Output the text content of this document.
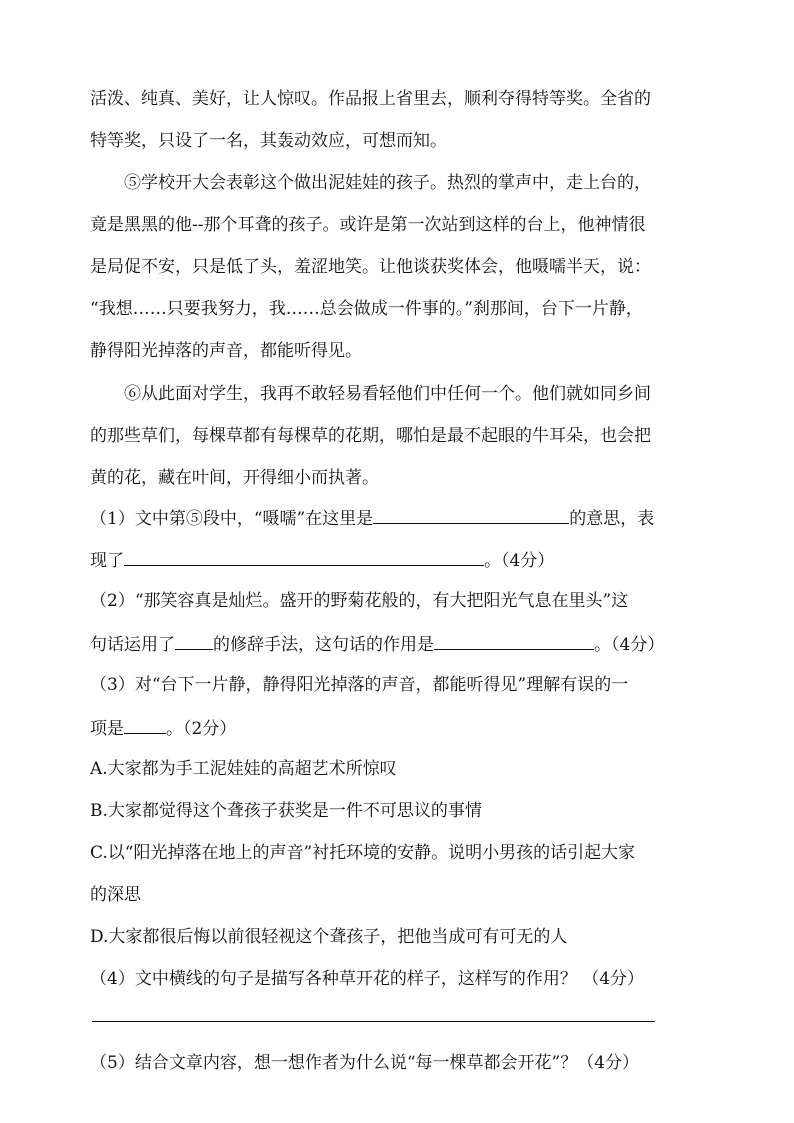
活泼、纯真、美好，让人惊叹。作品报上省里去，顺利夺得特等奖。全省的
特等奖，只设了一名，其轰动效应，可想而知。
⑤学校开大会表彰这个做出泥娃娃的孩子。热烈的掌声中，走上台的，
竟是黑黑的他--那个耳聋的孩子。或许是第一次站到这样的台上，他神情很
是局促不安，只是低了头，羞涩地笑。让他谈获奖体会，他嗫嚅半天，说：
“我想……只要我努力，我……总会做成一件事的。”刹那间，台下一片静，
静得阳光掉落的声音，都能听得见。
⑥从此面对学生，我再不敢轻易看轻他们中任何一个。他们就如同乡间
的那些草们，每棵草都有每棵草的花期，哪怕是最不起眼的牛耳朵，也会把
黄的花，藏在叶间，开得细小而执著。
（1）文中第⑤段中，“嗫嚅”在这里是	的意思，表
现了	。（4分）
（2）“那笑容真是灿烂。盛开的野菊花般的，有大把阳光气息在里头”这
句话运用了 的修辞手法，这句话的作用是	。（4分）
（3）对“台下一片静，静得阳光掉落的声音，都能听得见”理解有误的一
项是 。（2分）
A.大家都为手工泥娃娃的高超艺术所惊叹
B.大家都觉得这个聋孩子获奖是一件不可思议的事情
C.以“阳光掉落在地上的声音”衬托环境的安静。说明小男孩的话引起大家
的深思
D.大家都很后悔以前很轻视这个聋孩子，把他当成可有可无的人
（4）文中横线的句子是描写各种草开花的样子，这样写的作用？ （4分）
（5）结合文章内容，想一想作者为什么说“每一棵草都会开花”？（4分）
